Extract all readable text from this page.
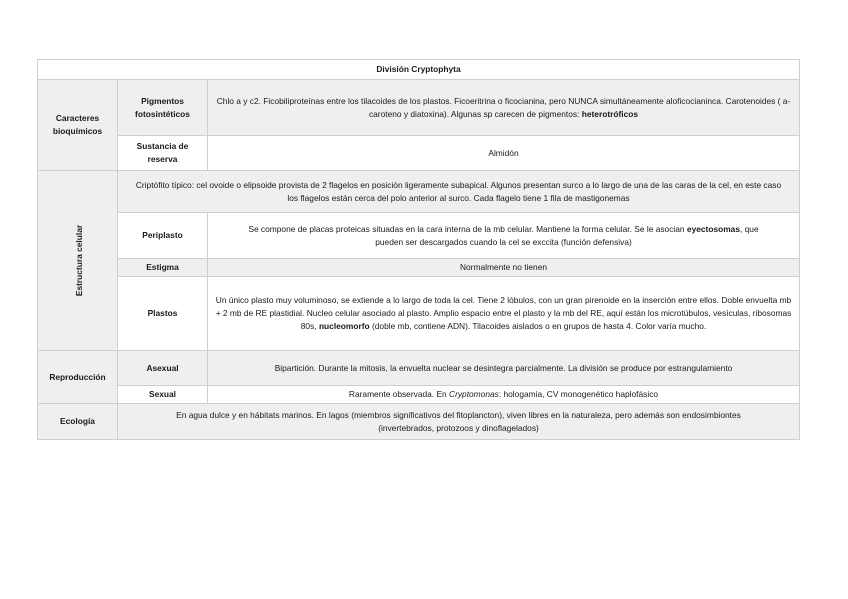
División Cryptophyta		
Caracteres bioquímicos	Pigmentos fotosintéticos	Chlo a y c2. Ficobiliproteínas entre los tilacoides de los plastos. Ficoeritrina o ficocianina, pero NUNCA simultáneamente aloficocianinca. Carotenoides ( a-caroteno y diatoxina). Algunas sp carecen de pigmentos: heterotróficos
	Sustancia de reserva	Almidón
Estructura celular	Criptófito típico: cel ovoide o elipsoide provista de 2 flagelos en posición ligeramente subapical. Algunos presentan surco a lo largo de una de las caras de la cel, en este caso los flagelos están cerca del polo anterior al surco. Cada flagelo tiene 1 fila de mastigonemas	
	Periplasto	Se compone de placas proteicas situadas en la cara interna de la mb celular. Mantiene la forma celular. Se le asocian eyectosomas, que pueden ser descargados cuando la cel se exccita (función defensiva)
	Estigma	Normalmente no tienen
	Plastos	Un único plasto muy voluminoso, se extiende a lo largo de toda la cel. Tiene 2 lóbulos, con un gran pirenoide en la inserción entre ellos. Doble envuelta mb + 2 mb de RE plastidial. Nucleo celular asociado al plasto. Amplio espacio entre el plasto y la mb del RE, aquí están los microtúbulos, vesículas, ribosomas 80s, nucleomorfo (doble mb, contiene ADN). Tilacoides aislados o en grupos de hasta 4. Color varía mucho.
Reproducción	Asexual	Bipartición. Durante la mitosis, la envuelta nuclear se desintegra parcialmente. La división se produce por estrangulamiento
	Sexual	Raramente observada. En Cryptomonas: hologamia, CV monogenético haplofásico
Ecología	En agua dulce y en hábitats marinos. En lagos (miembros significativos del fitoplancton), viven libres en la naturaleza, pero además son endosimbiontes (invertebrados, protozoos y dinoflagelados)	
